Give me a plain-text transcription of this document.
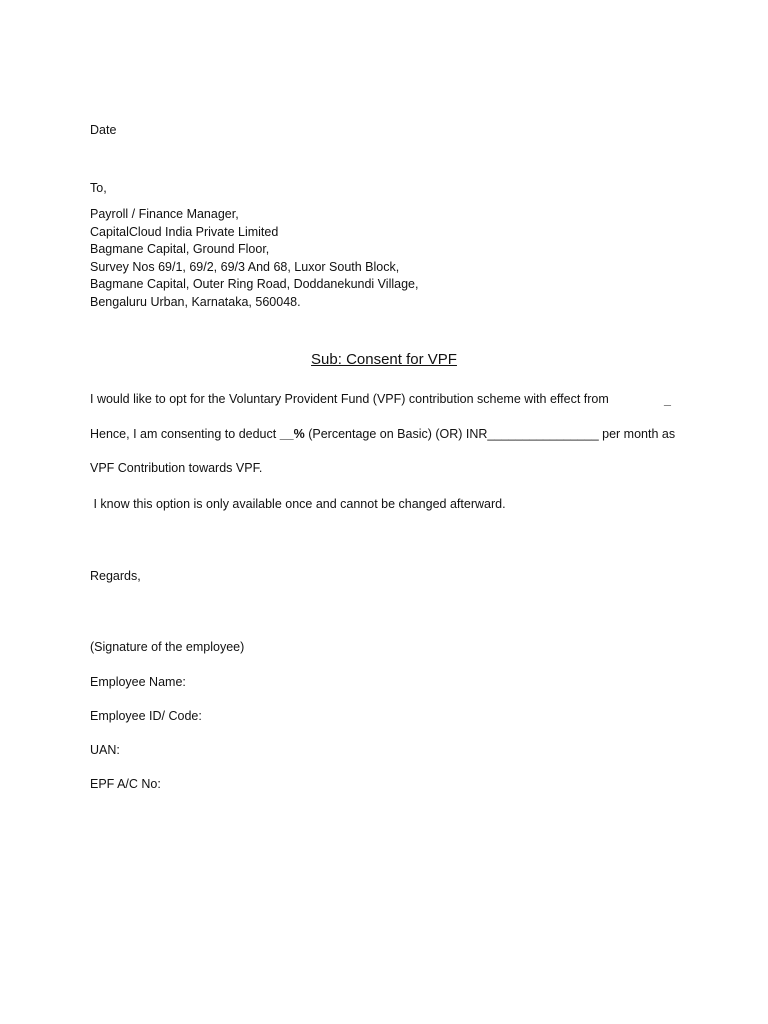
Date
To,
Payroll / Finance Manager,
CapitalCloud India Private Limited
Bagmane Capital, Ground Floor,
Survey Nos 69/1, 69/2, 69/3 And 68, Luxor South Block,
Bagmane Capital, Outer Ring Road, Doddanekundi Village,
Bengaluru Urban, Karnataka, 560048.
Sub: Consent for VPF
I would like to opt for the Voluntary Provident Fund (VPF) contribution scheme with effect from	_
Hence, I am consenting to deduct __% (Percentage on Basic) (OR) INR________________ per month as
VPF Contribution towards VPF.
I know this option is only available once and cannot be changed afterward.
Regards,
(Signature of the employee)
Employee Name:
Employee ID/ Code:
UAN:
EPF A/C No:
